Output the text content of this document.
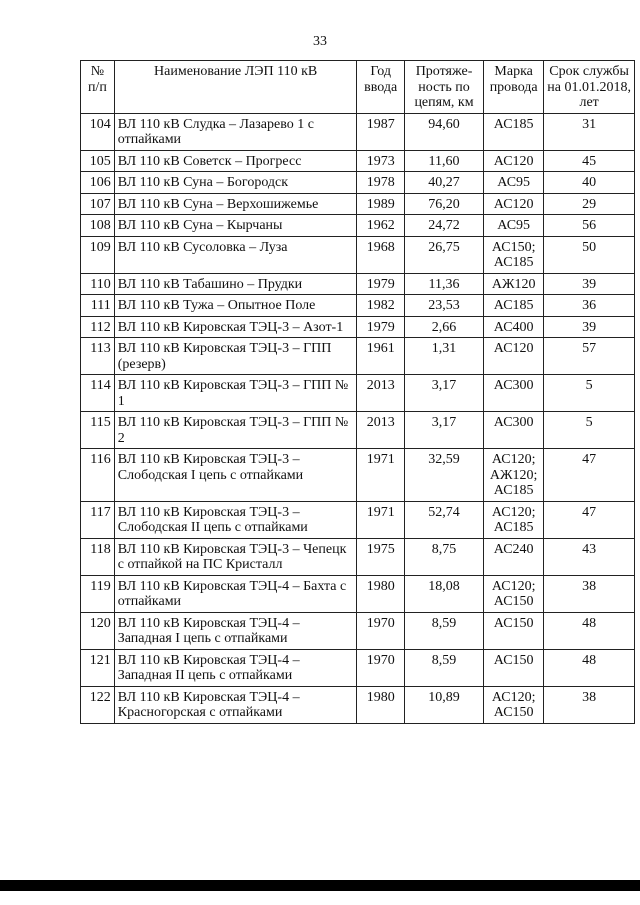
33
№ п/п	Наименование ЛЭП 110 кВ	Год ввода	Протяже-ность по цепям, км	Марка провода	Срок службы на 01.01.2018, лет
104	ВЛ 110 кВ Слудка – Лазарево 1 с отпайками	1987	94,60	АС185	31
105	ВЛ 110 кВ Советск – Прогресс	1973	11,60	АС120	45
106	ВЛ 110 кВ Суна – Богородск	1978	40,27	АС95	40
107	ВЛ 110 кВ Суна – Верхошижемье	1989	76,20	АС120	29
108	ВЛ 110 кВ Суна – Кырчаны	1962	24,72	АС95	56
109	ВЛ 110 кВ Сусоловка – Луза	1968	26,75	АС150; АС185	50
110	ВЛ 110 кВ Табашино – Прудки	1979	11,36	АЖ120	39
111	ВЛ 110 кВ Тужа – Опытное Поле	1982	23,53	АС185	36
112	ВЛ 110 кВ Кировская ТЭЦ-3 – Азот-1	1979	2,66	АС400	39
113	ВЛ 110 кВ Кировская ТЭЦ-3 – ГПП (резерв)	1961	1,31	АС120	57
114	ВЛ 110 кВ Кировская ТЭЦ-3 – ГПП № 1	2013	3,17	АС300	5
115	ВЛ 110 кВ Кировская ТЭЦ-3 – ГПП № 2	2013	3,17	АС300	5
116	ВЛ 110 кВ Кировская ТЭЦ-3 – Слободская I цепь с отпайками	1971	32,59	АС120; АЖ120; АС185	47
117	ВЛ 110 кВ Кировская ТЭЦ-3 – Слободская II цепь с отпайками	1971	52,74	АС120; АС185	47
118	ВЛ 110 кВ Кировская ТЭЦ-3 – Чепецк с отпайкой на ПС Кристалл	1975	8,75	АС240	43
119	ВЛ 110 кВ Кировская ТЭЦ-4 – Бахта с отпайками	1980	18,08	АС120; АС150	38
120	ВЛ 110 кВ Кировская ТЭЦ-4 – Западная I цепь с отпайками	1970	8,59	АС150	48
121	ВЛ 110 кВ Кировская ТЭЦ-4 – Западная II цепь с отпайками	1970	8,59	АС150	48
122	ВЛ 110 кВ Кировская ТЭЦ-4 – Красногорская с отпайками	1980	10,89	АС120; АС150	38
